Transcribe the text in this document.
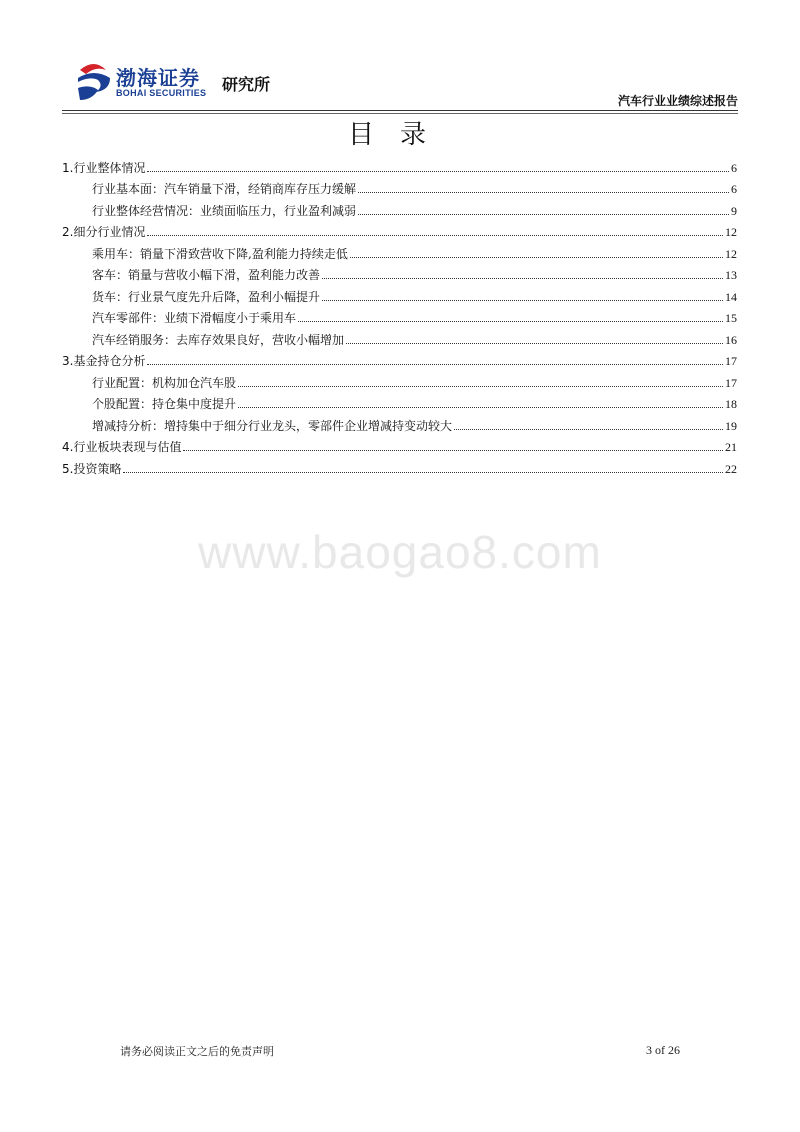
渤海证券
BOHAI SECURITIES 研究所
汽车行业业绩综述报告
目录
1.行业整体情况	6
行业基本面：汽车销量下滑，经销商库存压力缓解	6
行业整体经营情况：业绩面临压力，行业盈利减弱	9
2.细分行业情况	12
乘用车：销量下滑致营收下降,盈利能力持续走低	12
客车：销量与营收小幅下滑，盈利能力改善	13
货车：行业景气度先升后降，盈利小幅提升	14
汽车零部件：业绩下滑幅度小于乘用车	15
汽车经销服务：去库存效果良好，营收小幅增加	16
3.基金持仓分析	17
行业配置：机构加仓汽车股	17
个股配置：持仓集中度提升	18
增减持分析：增持集中于细分行业龙头，零部件企业增减持变动较大	19
4.行业板块表现与估值	21
5.投资策略	22
www.baogao8.com
请务必阅读正文之后的免责声明	3 of 26
